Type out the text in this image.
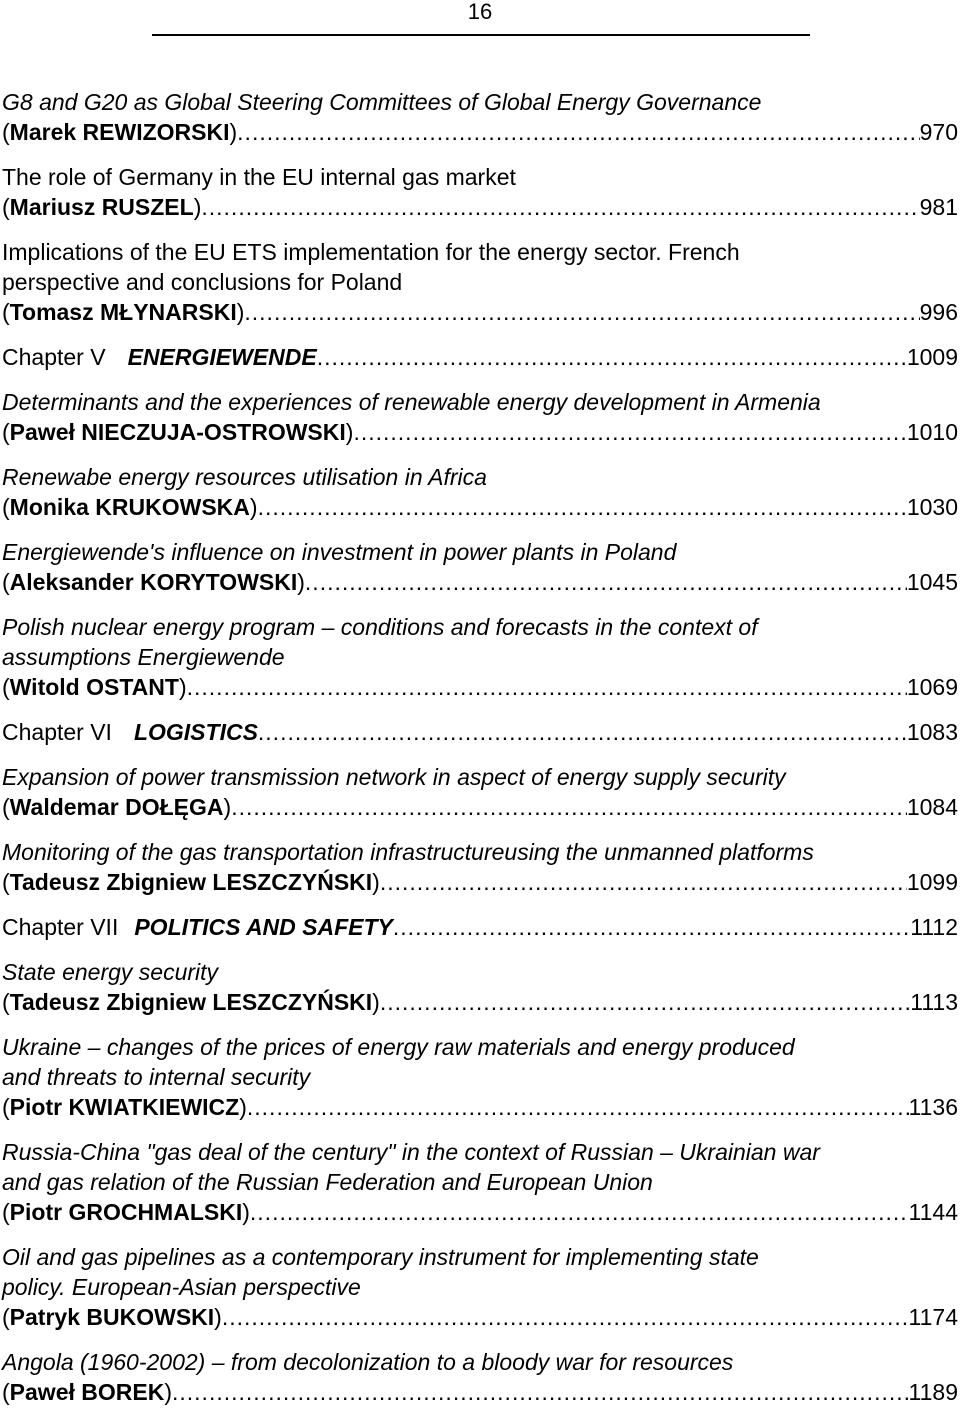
16
G8 and G20 as Global Steering Committees of Global Energy Governance
( Marek REWIZORSKI ) .....	970
The role of Germany in the EU internal gas market
( Mariusz RUSZEL ) .....	981
Implications of the EU ETS implementation for the energy sector. French
perspective and conclusions for Poland
( Tomasz MŁYNARSKI ) .....	996
Chapter V ENERGIEWENDE .....	1009
Determinants and the experiences of renewable energy development in Armenia
( Paweł NIECZUJA-OSTROWSKI ) .....	1010
Renewabe energy resources utilisation in Africa
( Monika KRUKOWSKA ) .....	1030
Energiewende's influence on investment in power plants in Poland
( Aleksander KORYTOWSKI ) .....	1045
Polish nuclear energy program – conditions and forecasts in the context of
assumptions Energiewende
( Witold OSTANT ) .....	1069
Chapter VI LOGISTICS .....	1083
Expansion of power transmission network in aspect of energy supply security
( Waldemar DOŁĘGA ) .....	1084
Monitoring of the gas transportation infrastructureusing the unmanned platforms
( Tadeusz Zbigniew LESZCZYŃSKI ) .....	1099
Chapter VII POLITICS AND SAFETY .....	1112
State energy security
( Tadeusz Zbigniew LESZCZYŃSKI ) .....	1113
Ukraine – changes of the prices of energy raw materials and energy produced
and threats to internal security
( Piotr KWIATKIEWICZ ) .....	1136
Russia-China "gas deal of the century" in the context of Russian – Ukrainian war
and gas relation of the Russian Federation and European Union
( Piotr GROCHMALSKI ) .....	1144
Oil and gas pipelines as a contemporary instrument for implementing state
policy. European-Asian perspective
( Patryk BUKOWSKI ) .....	1174
Angola (1960-2002) – from decolonization to a bloody war for resources
( Paweł BOREK ) .....	1189
